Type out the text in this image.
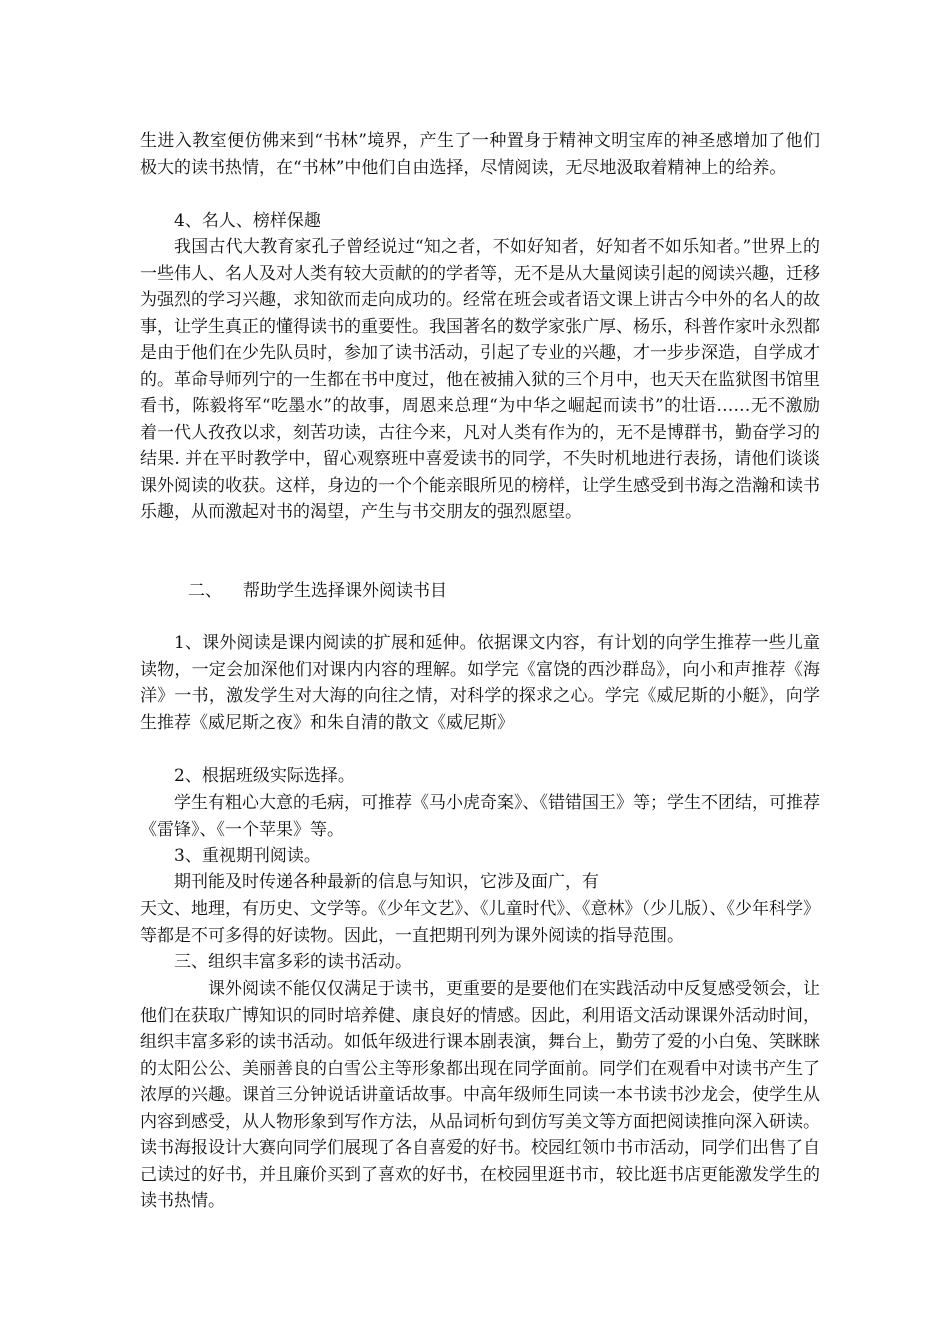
生进入教室便仿佛来到“书林”境界，产生了一种置身于精神文明宝库的神圣感增加了他们极大的读书热情，在“书林”中他们自由选择，尽情阅读，无尽地汲取着精神上的给养。

4、名人、榜样保趣

我国古代大教育家孔子曾经说过“知之者，不如好知者，好知者不如乐知者。”世界上的一些伟人、名人及对人类有较大贡献的的学者等，无不是从大量阅读引起的阅读兴趣，迁移为强烈的学习兴趣，求知欲而走向成功的。经常在班会或者语文课上讲古今中外的名人的故事，让学生真正的懂得读书的重要性。我国著名的数学家张广厚、杨乐，科普作家叶永烈都是由于他们在少先队员时，参加了读书活动，引起了专业的兴趣，才一步步深造，自学成才的。革命导师列宁的一生都在书中度过，他在被捕入狱的三个月中，也天天在监狱图书馆里看书，陈毅将军“吃墨水”的故事，周恩来总理“为中华之崛起而读书”的壮语……无不激励着一代人孜孜以求，刻苦功读，古往今来，凡对人类有作为的，无不是博群书，勤奋学习的结果. 并在平时教学中，留心观察班中喜爱读书的同学，不失时机地进行表扬，请他们谈谈课外阅读的收获。这样，身边的一个个能亲眼所见的榜样，让学生感受到书海之浩瀚和读书乐趣，从而激起对书的渴望，产生与书交朋友的强烈愿望。

二、 帮助学生选择课外阅读书目

1、课外阅读是课内阅读的扩展和延伸。依据课文内容，有计划的向学生推荐一些儿童读物，一定会加深他们对课内内容的理解。如学完《富饶的西沙群岛》，向小和声推荐《海洋》一书，激发学生对大海的向往之情，对科学的探求之心。学完《威尼斯的小艇》，向学生推荐《威尼斯之夜》和朱自清的散文《威尼斯》

2、根据班级实际选择。

学生有粗心大意的毛病，可推荐《马小虎奇案》、《错错国王》等；学生不团结，可推荐《雷锋》、《一个苹果》等。

3、重视期刊阅读。

期刊能及时传递各种最新的信息与知识，它涉及面广，有

天文、地理，有历史、文学等。《少年文艺》、《儿童时代》、《意林》（少儿版）、《少年科学》等都是不可多得的好读物。因此，一直把期刊列为课外阅读的指导范围。

三、组织丰富多彩的读书活动。

课外阅读不能仅仅满足于读书，更重要的是要他们在实践活动中反复感受领会，让他们在获取广博知识的同时培养健、康良好的情感。因此，利用语文活动课课外活动时间，组织丰富多彩的读书活动。如低年级进行课本剧表演，舞台上，勤劳了爱的小白兔、笑眯眯的太阳公公、美丽善良的白雪公主等形象都出现在同学面前。同学们在观看中对读书产生了浓厚的兴趣。课首三分钟说话讲童话故事。中高年级师生同读一本书读书沙龙会，使学生从内容到感受，从人物形象到写作方法，从品词析句到仿写美文等方面把阅读推向深入研读。读书海报设计大赛向同学们展现了各自喜爱的好书。校园红领巾书市活动，同学们出售了自己读过的好书，并且廉价买到了喜欢的好书，在校园里逛书市，较比逛书店更能激发学生的读书热情。
